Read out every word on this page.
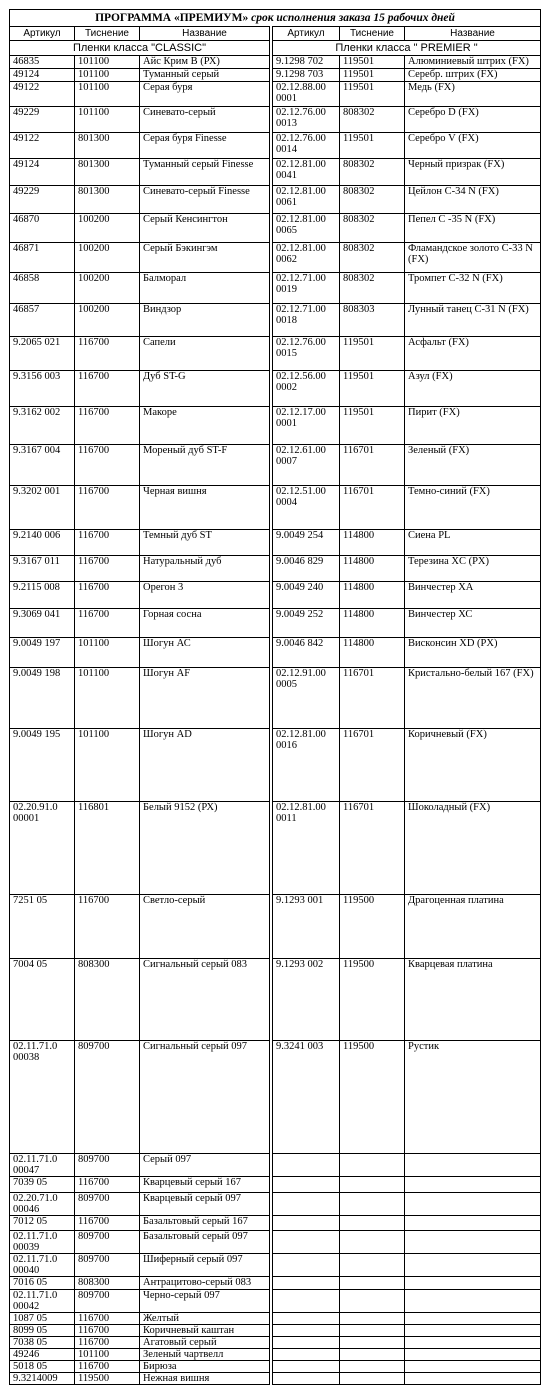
ПРОГРАММА «ПРЕМИУМ» срок исполнения заказа 15 рабочих дней
Артикул	Тиснение	Название
Пленки класса "CLASSIC"		
46835	101100	Айс Крим В (РХ)
49124	101100	Туманный серый
49122	101100	Серая буря
49229	101100	Синевато-серый
49122	801300	Серая буря Finesse
49124	801300	Туманный серый Finesse
49229	801300	Синевато-серый Finesse
46870	100200	Серый Кенсингтон
46871	100200	Серый Бэкингэм
46858	100200	Балморал
46857	100200	Виндзор
9.2065 021	116700	Сапели
9.3156 003	116700	Дуб ST-G
9.3162 002	116700	Макоре
9.3167 004	116700	Мореный дуб ST-F
9.3202 001	116700	Черная вишня
9.2140 006	116700	Темный дуб ST
9.3167 011	116700	Натуральный дуб
9.2115 008	116700	Орегон 3
9.3069 041	116700	Горная сосна
9.0049 197	101100	Шогун АС
9.0049 198	101100	Шогун AF
9.0049 195	101100	Шогун AD
02.20.91.0 00001	116801	Белый 9152 (РХ)
7251 05	116700	Светло-серый
7004 05	808300	Сигнальный серый 083
02.11.71.0 00038	809700	Сигнальный серый 097
02.11.71.0 00047	809700	Серый 097
7039 05	116700	Кварцевый серый 167
02.20.71.0 00046	809700	Кварцевый серый 097
7012 05	116700	Базальтовый серый 167
02.11.71.0 00039	809700	Базальтовый серый 097
02.11.71.0 00040	809700	Шиферный серый 097
7016 05	808300	Антрацитово-серый 083
02.11.71.0 00042	809700	Черно-серый 097
1087 05	116700	Желтый
8099 05	116700	Коричневый каштан
7038 05	116700	Агатовый серый
49246	101100	Зеленый чартвелл
5018 05	116700	Бирюза
9.3214009	119500	Нежная вишня
Артикул	Тиснение	Название
Пленки класса " PREMIER "		
9.1298 702	119501	Алюминиевый штрих (FX)
9.1298 703	119501	Серебр. штрих (FX)
02.12.88.00 0001	119501	Медь (FX)
02.12.76.00 0013	808302	Серебро D (FX)
02.12.76.00 0014	119501	Серебро V (FX)
02.12.81.00 0041	808302	Черный призрак (FX)
02.12.81.00 0061	808302	Цейлон С-34 N (FX)
02.12.81.00 0065	808302	Пепел С -35 N (FX)
02.12.81.00 0062	808302	Фламандское золото С-33 N (FX)
02.12.71.00 0019	808302	Тромпет С-32 N (FX)
02.12.71.00 0018	808303	Лунный танец С-31 N (FX)
02.12.76.00 0015	119501	Асфальт (FX)
02.12.56.00 0002	119501	Азул (FX)
02.12.17.00 0001	119501	Пирит (FX)
02.12.61.00 0007	116701	Зеленый (FX)
02.12.51.00 0004	116701	Темно-синий (FX)
9.0049 254	114800	Сиена PL
9.0046 829	114800	Терезина XC (PX)
9.0049 240	114800	Винчестер ХА
9.0049 252	114800	Винчестер ХС
9.0046 842	114800	Висконсин XD (PX)
02.12.91.00 0005	116701	Кристально-белый 167 (FX)
02.12.81.00 0016	116701	Коричневый (FX)
02.12.81.00 0011	116701	Шоколадный (FX)
9.1293 001	119500	Драгоценная платина
9.1293 002	119500	Кварцевая платина
9.3241 003	119500	Рустик
